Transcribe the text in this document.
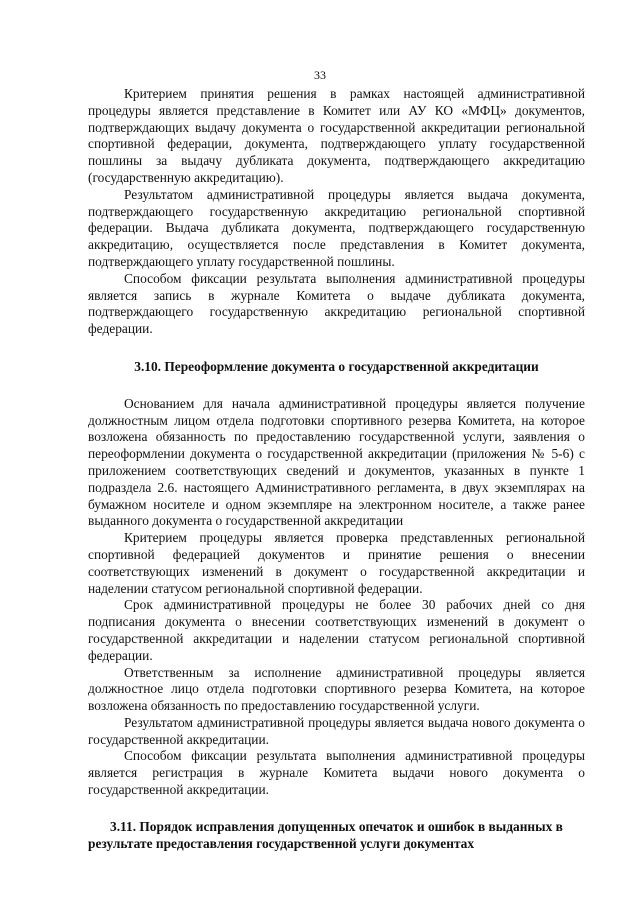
33

Критерием принятия решения в рамках настоящей административной процедуры является представление в Комитет или АУ КО «МФЦ» документов, подтверждающих выдачу документа о государственной аккредитации региональной спортивной федерации, документа, подтверждающего уплату государственной пошлины за выдачу дубликата документа, подтверждающего аккредитацию (государственную аккредитацию).

Результатом административной процедуры является выдача документа, подтверждающего государственную аккредитацию региональной спортивной федерации. Выдача дубликата документа, подтверждающего государственную аккредитацию, осуществляется после представления в Комитет документа, подтверждающего уплату государственной пошлины.

Способом фиксации результата выполнения административной процедуры является запись в журнале Комитета о выдаче дубликата документа, подтверждающего государственную аккредитацию региональной спортивной федерации.

3.10. Переоформление документа о государственной аккредитации

Основанием для начала административной процедуры является получение должностным лицом отдела подготовки спортивного резерва Комитета, на которое возложена обязанность по предоставлению государственной услуги, заявления о переоформлении документа о государственной аккредитации (приложения № 5-6) с приложением соответствующих сведений и документов, указанных в пункте 1 подраздела 2.6. настоящего Административного регламента, в двух экземплярах на бумажном носителе и одном экземпляре на электронном носителе, а также ранее выданного документа о государственной аккредитации

Критерием процедуры является проверка представленных региональной спортивной федерацией документов и принятие решения о внесении соответствующих изменений в документ о государственной аккредитации и наделении статусом региональной спортивной федерации.

Срок административной процедуры не более 30 рабочих дней со дня подписания документа о внесении соответствующих изменений в документ о государственной аккредитации и наделении статусом региональной спортивной федерации.

Ответственным за исполнение административной процедуры является должностное лицо отдела подготовки спортивного резерва Комитета, на которое возложена обязанность по предоставлению государственной услуги.

Результатом административной процедуры является выдача нового документа о государственной аккредитации.

Способом фиксации результата выполнения административной процедуры является регистрация в журнале Комитета выдачи нового документа о государственной аккредитации.

3.11. Порядок исправления допущенных опечаток и ошибок в выданных в результате предоставления государственной услуги документах
